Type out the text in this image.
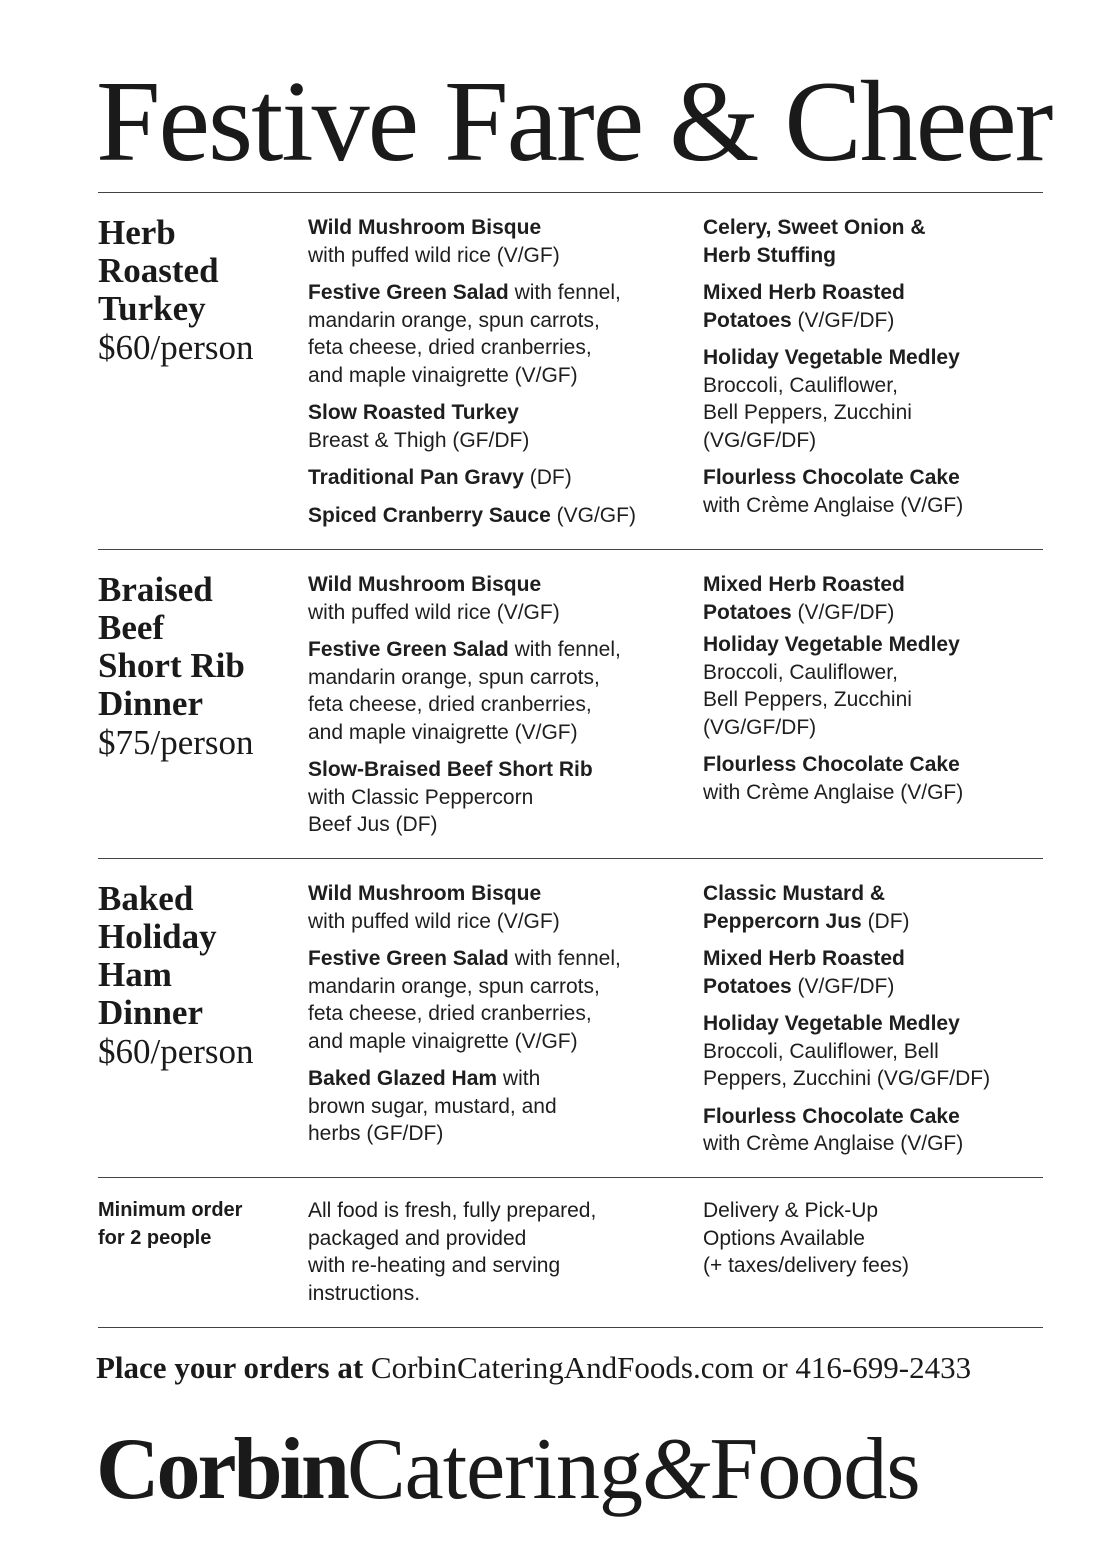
Festive Fare & Cheer
Herb
Roasted
Turkey
$60/person
Wild Mushroom Bisque
with puffed wild rice (V/GF)
Festive Green Salad with fennel,
mandarin orange, spun carrots,
feta cheese, dried cranberries,
and maple vinaigrette (V/GF)
Slow Roasted Turkey
Breast & Thigh (GF/DF)
Traditional Pan Gravy (DF)
Spiced Cranberry Sauce (VG/GF)
Celery, Sweet Onion &
Herb Stuffing
Mixed Herb Roasted
Potatoes (V/GF/DF)
Holiday Vegetable Medley
Broccoli, Cauliflower,
Bell Peppers, Zucchini
(VG/GF/DF)
Flourless Chocolate Cake
with Crème Anglaise (V/GF)
Braised
Beef
Short Rib
Dinner
$75/person
Wild Mushroom Bisque
with puffed wild rice (V/GF)
Festive Green Salad with fennel,
mandarin orange, spun carrots,
feta cheese, dried cranberries,
and maple vinaigrette (V/GF)
Slow-Braised Beef Short Rib
with Classic Peppercorn
Beef Jus (DF)
Mixed Herb Roasted
Potatoes (V/GF/DF)
Holiday Vegetable Medley
Broccoli, Cauliflower,
Bell Peppers, Zucchini
(VG/GF/DF)
Flourless Chocolate Cake
with Crème Anglaise (V/GF)
Baked
Holiday
Ham
Dinner
$60/person
Wild Mushroom Bisque
with puffed wild rice (V/GF)
Festive Green Salad with fennel,
mandarin orange, spun carrots,
feta cheese, dried cranberries,
and maple vinaigrette (V/GF)
Baked Glazed Ham with
brown sugar, mustard, and
herbs (GF/DF)
Classic Mustard &
Peppercorn Jus (DF)
Mixed Herb Roasted
Potatoes (V/GF/DF)
Holiday Vegetable Medley
Broccoli, Cauliflower, Bell
Peppers, Zucchini (VG/GF/DF)
Flourless Chocolate Cake
with Crème Anglaise (V/GF)
Minimum order
for 2 people
All food is fresh, fully prepared,
packaged and provided
with re-heating and serving
instructions.
Delivery & Pick-Up
Options Available
(+ taxes/delivery fees)
Place your orders at CorbinCateringAndFoods.com or 416-699-2433
CorbinCatering&Foods
